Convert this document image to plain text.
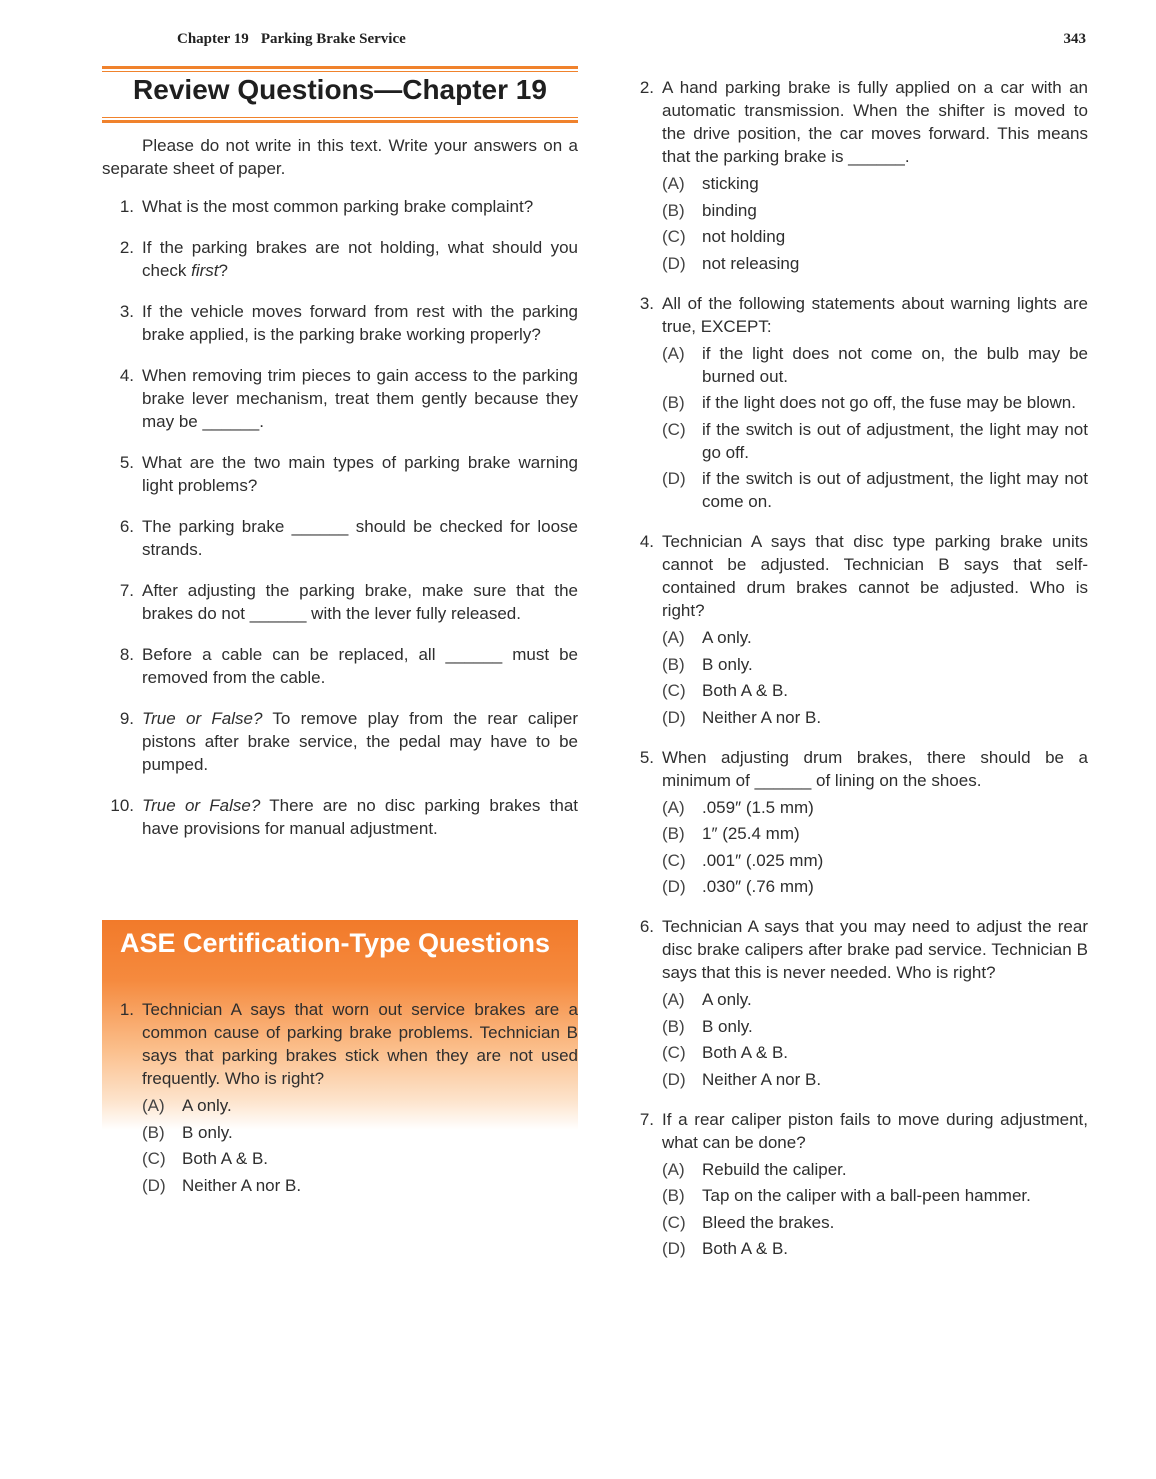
Chapter 19 Parking Brake Service	343
Review Questions—Chapter 19
Please do not write in this text. Write your answers on a separate sheet of paper.
1. What is the most common parking brake complaint?
2. If the parking brakes are not holding, what should you check first?
3. If the vehicle moves forward from rest with the parking brake applied, is the parking brake working properly?
4. When removing trim pieces to gain access to the parking brake lever mechanism, treat them gently because they may be ______.
5. What are the two main types of parking brake warning light problems?
6. The parking brake ______ should be checked for loose strands.
7. After adjusting the parking brake, make sure that the brakes do not ______ with the lever fully released.
8. Before a cable can be replaced, all ______ must be removed from the cable.
9. True or False? To remove play from the rear caliper pistons after brake service, the pedal may have to be pumped.
10. True or False? There are no disc parking brakes that have provisions for manual adjustment.
ASE Certification-Type Questions
1. Technician A says that worn out service brakes are a common cause of parking brake problems. Technician B says that parking brakes stick when they are not used frequently. Who is right?
(A) A only.
(B) B only.
(C) Both A & B.
(D) Neither A nor B.
2. A hand parking brake is fully applied on a car with an automatic transmission. When the shifter is moved to the drive position, the car moves forward. This means that the parking brake is ______.
(A) sticking
(B) binding
(C) not holding
(D) not releasing
3. All of the following statements about warning lights are true, EXCEPT:
(A) if the light does not come on, the bulb may be burned out.
(B) if the light does not go off, the fuse may be blown.
(C) if the switch is out of adjustment, the light may not go off.
(D) if the switch is out of adjustment, the light may not come on.
4. Technician A says that disc type parking brake units cannot be adjusted. Technician B says that self-contained drum brakes cannot be adjusted. Who is right?
(A) A only.
(B) B only.
(C) Both A & B.
(D) Neither A nor B.
5. When adjusting drum brakes, there should be a minimum of ______ of lining on the shoes.
(A) .059″ (1.5 mm)
(B) 1″ (25.4 mm)
(C) .001″ (.025 mm)
(D) .030″ (.76 mm)
6. Technician A says that you may need to adjust the rear disc brake calipers after brake pad service. Technician B says that this is never needed. Who is right?
(A) A only.
(B) B only.
(C) Both A & B.
(D) Neither A nor B.
7. If a rear caliper piston fails to move during adjustment, what can be done?
(A) Rebuild the caliper.
(B) Tap on the caliper with a ball-peen hammer.
(C) Bleed the brakes.
(D) Both A & B.
